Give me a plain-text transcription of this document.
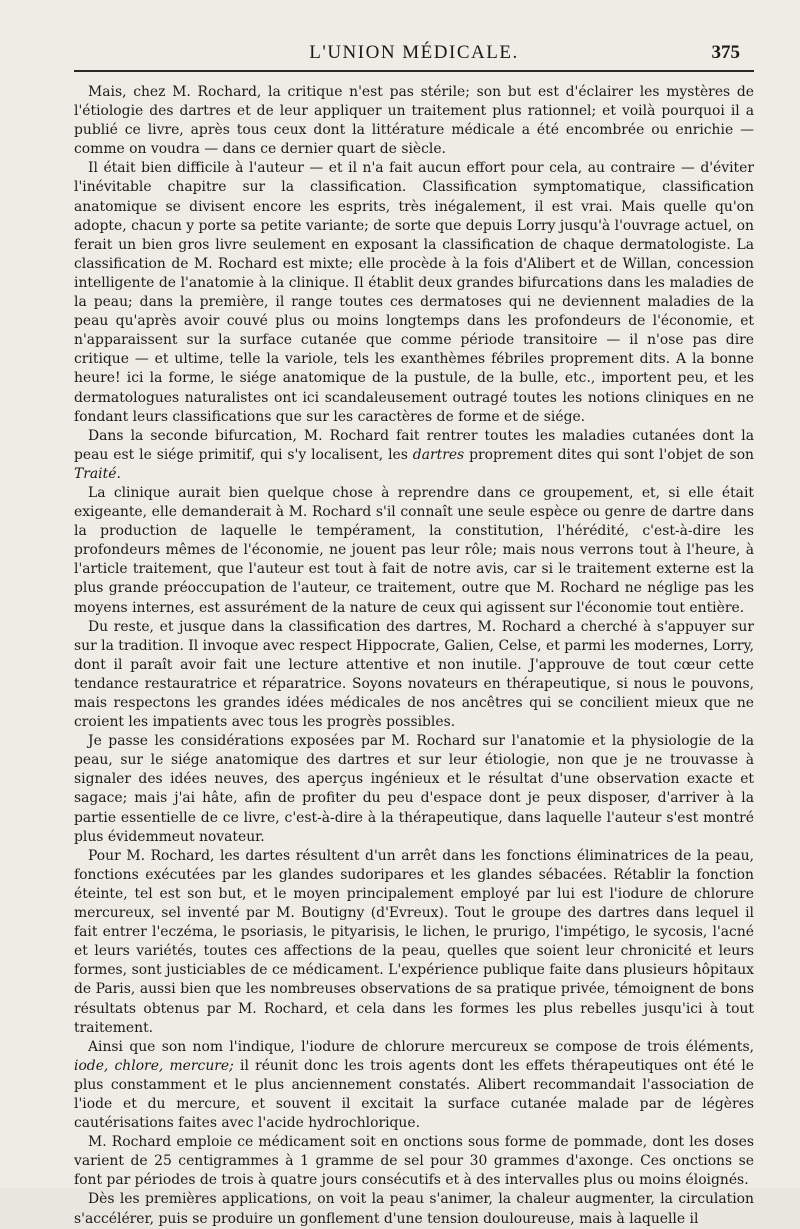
L'UNION MÉDICALE.	375

Mais, chez M. Rochard, la critique n'est pas stérile; son but est d'éclairer les mystères de l'étiologie des dartres et de leur appliquer un traitement plus rationnel; et voilà pourquoi il a publié ce livre, après tous ceux dont la littérature médicale a été encombrée ou enrichie — comme on voudra — dans ce dernier quart de siècle.

Il était bien difficile à l'auteur — et il n'a fait aucun effort pour cela, au contraire — d'éviter l'inévitable chapitre sur la classification. Classification symptomatique, classification anatomique se divisent encore les esprits, très inégalement, il est vrai. Mais quelle qu'on adopte, chacun y porte sa petite variante; de sorte que depuis Lorry jusqu'à l'ouvrage actuel, on ferait un bien gros livre seulement en exposant la classification de chaque dermatologiste. La classification de M. Rochard est mixte; elle procède à la fois d'Alibert et de Willan, concession intelligente de l'anatomie à la clinique. Il établit deux grandes bifurcations dans les maladies de la peau; dans la première, il range toutes ces dermatoses qui ne deviennent maladies de la peau qu'après avoir couvé plus ou moins longtemps dans les profondeurs de l'économie, et n'apparaissent sur la surface cutanée que comme période transitoire — il n'ose pas dire critique — et ultime, telle la variole, tels les exanthèmes fébriles proprement dits. A la bonne heure! ici la forme, le siége anatomique de la pustule, de la bulle, etc., importent peu, et les dermatologues naturalistes ont ici scandaleusement outragé toutes les notions cliniques en ne fondant leurs classifications que sur les caractères de forme et de siége.

Dans la seconde bifurcation, M. Rochard fait rentrer toutes les maladies cutanées dont la peau est le siége primitif, qui s'y localisent, les dartres proprement dites qui sont l'objet de son Traité.

La clinique aurait bien quelque chose à reprendre dans ce groupement, et, si elle était exigeante, elle demanderait à M. Rochard s'il connaît une seule espèce ou genre de dartre dans la production de laquelle le tempérament, la constitution, l'hérédité, c'est-à-dire les profondeurs mêmes de l'économie, ne jouent pas leur rôle; mais nous verrons tout à l'heure, à l'article traitement, que l'auteur est tout à fait de notre avis, car si le traitement externe est la plus grande préoccupation de l'auteur, ce traitement, outre que M. Rochard ne néglige pas les moyens internes, est assurément de la nature de ceux qui agissent sur l'économie tout entière.

Du reste, et jusque dans la classification des dartres, M. Rochard a cherché à s'appuyer sur sur la tradition. Il invoque avec respect Hippocrate, Galien, Celse, et parmi les modernes, Lorry, dont il paraît avoir fait une lecture attentive et non inutile. J'approuve de tout cœur cette tendance restauratrice et réparatrice. Soyons novateurs en thérapeutique, si nous le pouvons, mais respectons les grandes idées médicales de nos ancêtres qui se concilient mieux que ne croient les impatients avec tous les progrès possibles.

Je passe les considérations exposées par M. Rochard sur l'anatomie et la physiologie de la peau, sur le siége anatomique des dartres et sur leur étiologie, non que je ne trouvasse à signaler des idées neuves, des aperçus ingénieux et le résultat d'une observation exacte et sagace; mais j'ai hâte, afin de profiter du peu d'espace dont je peux disposer, d'arriver à la partie essentielle de ce livre, c'est-à-dire à la thérapeutique, dans laquelle l'auteur s'est montré plus évidemmeut novateur.

Pour M. Rochard, les dartes résultent d'un arrêt dans les fonctions éliminatrices de la peau, fonctions exécutées par les glandes sudoripares et les glandes sébacées. Rétablir la fonction éteinte, tel est son but, et le moyen principalement employé par lui est l'iodure de chlorure mercureux, sel inventé par M. Boutigny (d'Evreux). Tout le groupe des dartres dans lequel il fait entrer l'eczéma, le psoriasis, le pityarisis, le lichen, le prurigo, l'impétigo, le sycosis, l'acné et leurs variétés, toutes ces affections de la peau, quelles que soient leur chronicité et leurs formes, sont justiciables de ce médicament. L'expérience publique faite dans plusieurs hôpitaux de Paris, aussi bien que les nombreuses observations de sa pratique privée, témoignent de bons résultats obtenus par M. Rochard, et cela dans les formes les plus rebelles jusqu'ici à tout traitement.

Ainsi que son nom l'indique, l'iodure de chlorure mercureux se compose de trois éléments, iode, chlore, mercure; il réunit donc les trois agents dont les effets thérapeutiques ont été le plus constamment et le plus anciennement constatés. Alibert recommandait l'association de l'iode et du mercure, et souvent il excitait la surface cutanée malade par de légères cautérisations faites avec l'acide hydrochlorique.

M. Rochard emploie ce médicament soit en onctions sous forme de pommade, dont les doses varient de 25 centigrammes à 1 gramme de sel pour 30 grammes d'axonge. Ces onctions se font par périodes de trois à quatre jours consécutifs et à des intervalles plus ou moins éloignés.

Dès les premières applications, on voit la peau s'animer, la chaleur augmenter, la circulation s'accélérer, puis se produire un gonflement d'une tension douloureuse, mais à laquelle il
